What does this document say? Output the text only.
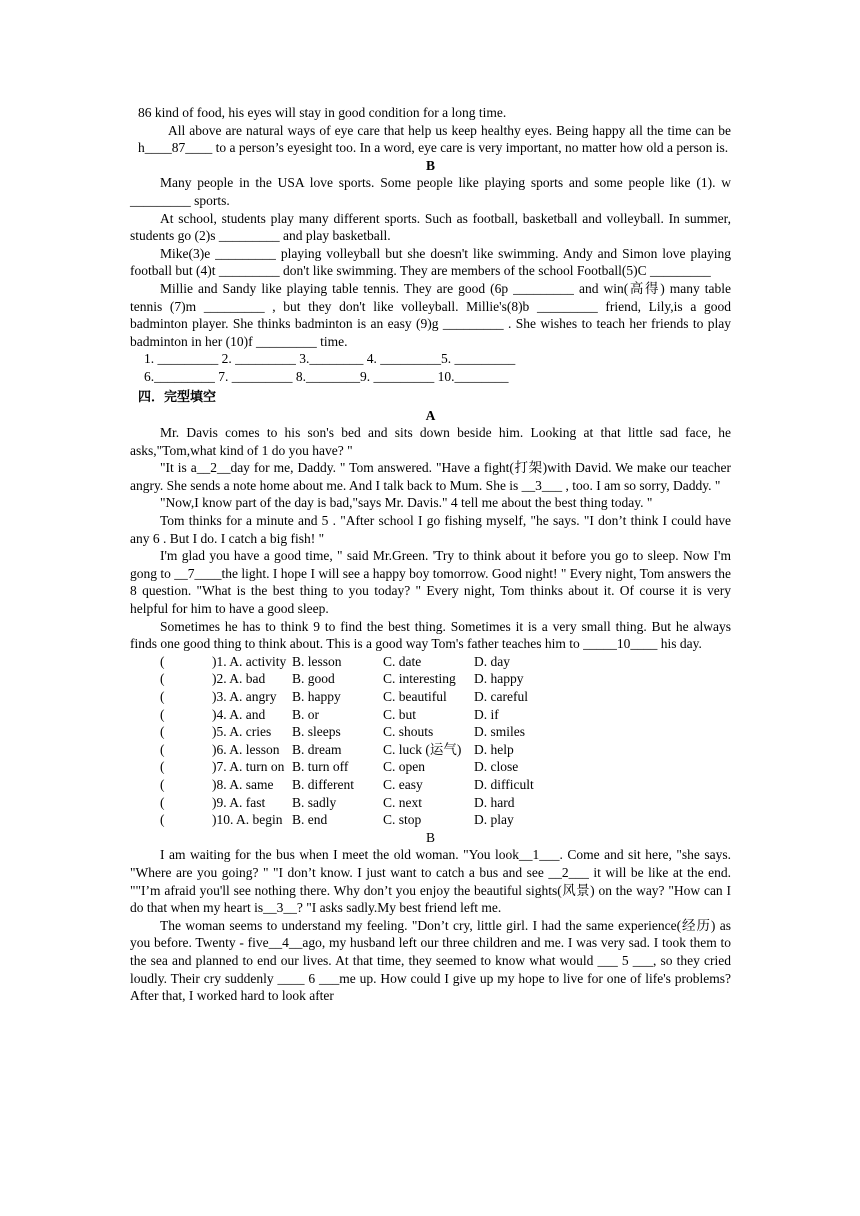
86 kind of food, his eyes will stay in good condition for a long time.

All above are natural ways of eye care that help us keep healthy eyes. Being happy all the time can be h____87____ to a person’s eyesight too. In a word, eye care is very important, no matter how old a person is.

B

Many people in the USA love sports. Some people like playing sports and some people like (1). w _________ sports.

At school, students play many different sports. Such as football, basketball and volleyball. In summer, students go (2)s _________ and play basketball.

Mike(3)e _________ playing volleyball but she doesn't like swimming. Andy and Simon love playing football but (4)t _________ don't like swimming. They are members of the school Football(5)C _________

Millie and Sandy like playing table tennis. They are good (6p _________ and win(高得) many table tennis (7)m _________ , but they don't like volleyball. Millie's(8)b _________ friend, Lily,is a good badminton player. She thinks badminton is an easy (9)g _________ . She wishes to teach her friends to play badminton in her (10)f _________ time.

1. _________ 2. _________ 3.________ 4. _________5. _________
6._________ 7. _________ 8.________9. _________ 10.________
四．完型填空
A

Mr. Davis comes to his son's bed and sits down beside him. Looking at that little sad face, he asks,"Tom,what kind of 1 do you have? "

"It is a__2__day for me, Daddy. " Tom answered. "Have a fight(打架)with David. We make our teacher angry. She sends a note home about me. And I talk back to Mum. She is __3___ , too. I am so sorry, Daddy. "

"Now,I know part of the day is bad,"says Mr. Davis." 4 tell me about the best thing today. "

Tom thinks for a minute and 5 . "After school I go fishing myself, "he says. "I don’t think I could have any 6 . But I do. I catch a big fish! "

I'm glad you have a good time, " said Mr.Green. 'Try to think about it before you go to sleep. Now I'm gong to __7____the light. I hope I will see a happy boy tomorrow. Good night! " Every night, Tom answers the 8 question. "What is the best thing to you today? " Every night, Tom thinks about it. Of course it is very helpful for him to have a good sleep.

Sometimes he has to think 9 to find the best thing. Sometimes it is a very small thing. But he always finds one good thing to think about. This is a good way Tom's father teaches him to _____10____ his day.

(	)1. A. activity	B. lesson	C. date	D. day
(	)2. A. bad	B. good	C. interesting	D. happy
(	)3. A. angry	B. happy	C. beautiful	D. careful
(	)4. A. and	B. or	C. but	D. if
(	)5. A. cries	B. sleeps	C. shouts	D. smiles
(	)6. A. lesson	B. dream	C. luck (运气)	D. help
(	)7. A. turn on	B. turn off	C. open	D. close
(	)8. A. same	B. different	C. easy	D. difficult
(	)9. A. fast	B. sadly	C. next	D. hard
(	)10. A. begin	B. end	C. stop	D. play
B

I am waiting for the bus when I meet the old woman. "You look__1___. Come and sit here, "she says. "Where are you going? " "I don’t know. I just want to catch a bus and see __2___ it will be like at the end. ""I’m afraid you'll see nothing there. Why don’t you enjoy the beautiful sights(风景) on the way? "How can I do that when my heart is__3__? "I asks sadly.My best friend left me.

The woman seems to understand my feeling. "Don’t cry, little girl. I had the same experience(经历) as you before. Twenty - five__4__ago, my husband left our three children and me. I was very sad. I took them to the sea and planned to end our lives. At that time, they seemed to know what would ___ 5 ___, so they cried loudly. Their cry suddenly ____ 6 ___me up. How could I give up my hope to live for one of life's problems? After that, I worked hard to look after
